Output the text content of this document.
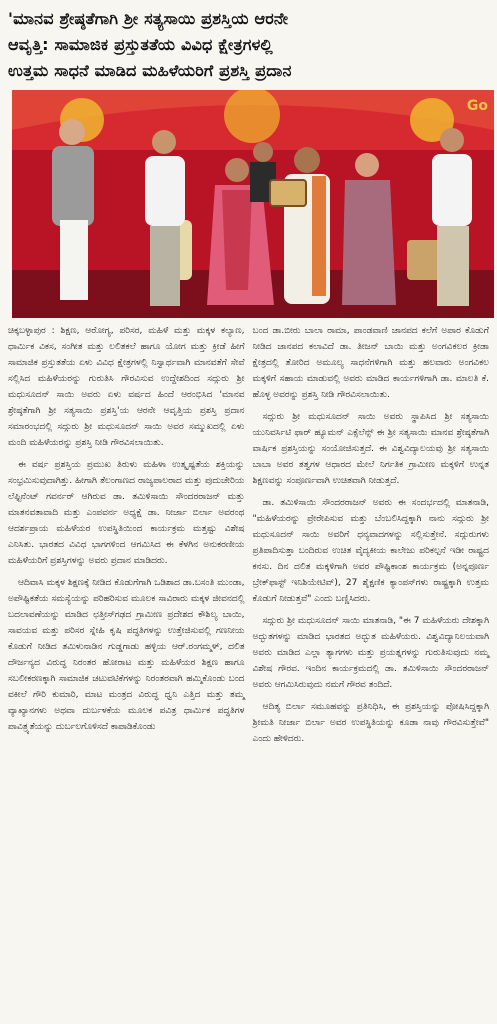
'ಮಾನವ ಶ್ರೇಷ್ಠತೆಗಾಗಿ ಶ್ರೀ ಸತ್ಯಸಾಯಿ ಪ್ರಶಸ್ತಿಯ ಆರನೇ
ಆವೃತ್ತಿ: ಸಾಮಾಜಿಕ ಪ್ರಸ್ತುತತೆಯ ವಿವಿಧ ಕ್ಷೇತ್ರಗಳಲ್ಲಿ
ಉತ್ತಮ ಸಾಧನೆ ಮಾಡಿದ ಮಹಿಳೆಯರಿಗೆ ಪ್ರಶಸ್ತಿ ಪ್ರದಾನ
Go

ಚಿಕ್ಕಬಳ್ಳಾಪುರ : ಶಿಕ್ಷಣ, ಆರೋಗ್ಯ, ಪರಿಸರ, ಮಹಿಳೆ ಮತ್ತು ಮಕ್ಕಳ ಕಲ್ಯಾಣ, ಧಾರ್ಮಿಕ ವಿಕಸ, ಸಂಗೀತ ಮತ್ತು ಲಲಿತಕಲೆ ಹಾಗೂ ಯೋಗ ಮತ್ತು ಕ್ರೀಡೆ ಹೀಗೆ ಸಾಮಾಜಿಕ ಪ್ರಸ್ತುತತೆಯ ಏಳು ವಿವಿಧ ಕ್ಷೇತ್ರಗಳಲ್ಲಿ ನಿಸ್ವಾರ್ಥವಾಗಿ ಮಾನವತೆಗೆ ಸೇವೆ ಸಲ್ಲಿಸಿದ ಮಹಿಳೆಯರನ್ನು ಗುರುತಿಸಿ ಗೌರವಿಸುವ ಉದ್ದೇಶದಿಂದ ಸದ್ಗುರು ಶ್ರೀ ಮಧುಸೂದನ್ ಸಾಯಿ ಅವರು ಏಳು ವರ್ಷದ ಹಿಂದೆ ಆರಂಭಿಸಿದ 'ಮಾನವ ಶ್ರೇಷ್ಠತೆಗಾಗಿ ಶ್ರೀ ಸತ್ಯಸಾಯಿ ಪ್ರಶಸ್ತಿ'ಯ ಆರನೇ ಆವೃತ್ತಿಯ ಪ್ರಶಸ್ತಿ ಪ್ರದಾನ ಸಮಾರಂಭದಲ್ಲಿ ಸದ್ಗುರು ಶ್ರೀ ಮಧುಸೂದನ್ ಸಾಯಿ ಅವರ ಸಮ್ಮುಖದಲ್ಲಿ ಏಳು ಮಂದಿ ಮಹಿಳೆಯರನ್ನು ಪ್ರಶಸ್ತಿ ನೀಡಿ ಗೌರವಿಸಲಾಯಿತು.

ಈ ವರ್ಷ ಪ್ರಶಸ್ತಿಯ ಪ್ರಮುಖ ತಿರುಳು ಮಹಿಳಾ ಉತ್ಕೃಷ್ಟತೆಯ ಶಕ್ತಿಯನ್ನು ಸಂಭ್ರಮಿಸುವುದಾಗಿತ್ತು. ಹೀಗಾಗಿ ತೆಲಂಗಾಣದ ರಾಜ್ಯಪಾಲರಾದ ಮತ್ತು ಪುದುಚೇರಿಯ ಲೆಫ್ಟಿನೆಂಟ್ ಗವರ್ನರ್ ಆಗಿರುವ ಡಾ. ತಮಿಳಿಸಾಯಿ ಸೌಂದರರಾಜನ್ ಮತ್ತು ಮಾತನವತಾವಾದಿ ಮತ್ತು ಎಂಪವರ್ನ ಅಧ್ಯಕ್ಷೆ ಡಾ. ನೀರ್ಜಾ ಬಿರ್ಲಾ ಅವರಂಥ ಆದರ್ಶಪ್ರಾಯ ಮಹಿಳೆಯರ ಉಪಸ್ಥಿತಿಯಿಂದ ಕಾರ್ಯಕ್ರಮ ಮತ್ತಷ್ಟು ವಿಶೇಷ ಎನಿಸಿತು. ಭಾರತದ ವಿವಿಧ ಭಾಗಗಳಿಂದ ಆಗಮಿಸಿದ ಈ ಕೆಳಗಿನ ಅನುಕರಣೀಯ ಮಹಿಳೆಯರಿಗೆ ಪ್ರಶಸ್ತಿಗಳನ್ನು ಅವರು ಪ್ರದಾನ ಮಾಡಿದರು.

ಆದಿವಾಸಿ ಮಕ್ಕಳ ಶಿಕ್ಷಣಕ್ಕೆ ನೀಡಿದ ಕೊಡುಗೆಗಾಗಿ ಒಡಿಶಾದ ಡಾ.ಬಸಂತಿ ಮುಂಡಾ, ಅಪೌಷ್ಟಿಕತೆಯ ಸಮಸ್ಯೆಯನ್ನು ಪರಿಹರಿಸುವ ಮೂಲಕ ಸಾವಿರಾರು ಮಕ್ಕಳ ಜೀವನದಲ್ಲಿ ಬದಲಾವಣೆಯನ್ನು ಮಾಡಿದ ಛತ್ತೀಸ್‌ಗಢದ ಗ್ರಾಮೀಣ ಪ್ರದೇಶದ ಕೌಶಿಲ್ಯ ಬಾಯಿ, ಸಾವಯವ ಮತ್ತು ಪರಿಸರ ಸ್ನೇಹಿ ಕೃಷಿ ಪದ್ಧತಿಗಳನ್ನು ಉತ್ತೇಜಿಸುವಲ್ಲಿ ಗಣನೀಯ ಕೊಡುಗೆ ನೀಡಿದ ತಮಿಳುನಾಡಿನ ಗುಡ್ಡಗಾಡು ಹಳ್ಳಿಯ ಆರ್.ರಂಗಮ್ಮಳ್, ದಲಿತ ದೌರ್ಜನ್ಯದ ವಿರುದ್ಧ ನಿರಂತರ ಹೋರಾಟ ಮತ್ತು ಮಹಿಳೆಯರ ಶಿಕ್ಷಣ ಹಾಗೂ ಸಬಲೀಕರಣಕ್ಕಾಗಿ ಸಾಮಾಜಿಕ ಚಟುವಟಿಕೆಗಳನ್ನು ನಿರಂತರವಾಗಿ ಹಮ್ಮಿಕೊಂಡು ಬಂದ ವಕೀಲೆ ಗೌರಿ ಕುಮಾರಿ, ಮಾಟ ಮಂತ್ರದ ವಿರುದ್ಧ ಧ್ವನಿ ಎತ್ತಿದ ಮತ್ತು ತಮ್ಮ ವ್ಯಾಖ್ಯಾನಗಳು ಅಥವಾ ದುರ್ಬಳಕೆಯ ಮೂಲಕ ಪವಿತ್ರ ಧಾರ್ಮಿಕ ಪದ್ಧತಿಗಳ ಪಾವಿತ್ರ್ಯತೆಯನ್ನು ದುರ್ಬಲಗೊಳಿಸದೆ ಕಾಪಾಡಿಕೊಂಡು

ಬಂದ ಡಾ.ಬೀರು ಬಾಲಾ ರಾಮಾ, ಪಾಂಡವಾಣಿ ಜಾನಪದ ಕಲೆಗೆ ಅಪಾರ ಕೊಡುಗೆ ನೀಡಿದ ಜಾನಪದ ಕಲಾವಿದೆ ಡಾ. ತೀಜನ್ ಬಾಯಿ ಮತ್ತು ಅಂಗವಿಕಲರ ಕ್ರೀಡಾ ಕ್ಷೇತ್ರದಲ್ಲಿ ತೋರಿದ ಅಮೂಲ್ಯ ಸಾಧನೆಗಳಿಗಾಗಿ ಮತ್ತು ಹಲವಾರು ಅಂಗವಿಕಲ ಮಕ್ಕಳಿಗೆ ಸಹಾಯ ಮಾಡುವಲ್ಲಿ ಅವರು ಮಾಡಿದ ಕಾರ್ಯಗಳಿಗಾಗಿ ಡಾ. ಮಾಲತಿ ಕೆ. ಹೊಳ್ಳ ಅವರನ್ನು ಪ್ರಶಸ್ತಿ ನೀಡಿ ಗೌರವಿಸಲಾಯಿತು.

ಸದ್ಗುರು ಶ್ರೀ ಮಧುಸೂದನ್ ಸಾಯಿ ಅವರು ಸ್ಥಾಪಿಸಿದ ಶ್ರೀ ಸತ್ಯಸಾಯಿ ಯುನಿವರ್ಸಿಟಿ ಫಾರ್ ಹ್ಯೂಮನ್ ಎಕ್ಸೆಲೆನ್ಸ್ ಈ ಶ್ರೀ ಸತ್ಯಸಾಯಿ ಮಾನವ ಶ್ರೇಷ್ಠತೆಗಾಗಿ ವಾರ್ಷಿಕ ಪ್ರಶಸ್ತಿಯನ್ನು ಸಂಯೋಜಿಸುತ್ತದೆ. ಈ ವಿಶ್ವವಿದ್ಯಾಲಯವು ಶ್ರೀ ಸತ್ಯಸಾಯಿ ಬಾಬಾ ಅವರ ತತ್ವಗಳ ಆಧಾರದ ಮೇಲೆ ನಿರ್ಗತಿಕ ಗ್ರಾಮೀಣ ಮಕ್ಕಳಿಗೆ ಉನ್ನತ ಶಿಕ್ಷಣವನ್ನು ಸಂಪೂರ್ಣವಾಗಿ ಉಚಿತವಾಗಿ ನೀಡುತ್ತದೆ.

ಡಾ. ತಮಿಳಿಸಾಯಿ ಸೌಂದರರಾಜನ್ ಅವರು ಈ ಸಂದರ್ಭದಲ್ಲಿ ಮಾತನಾಡಿ, "ಮಹಿಳೆಯರನ್ನು ಪ್ರೇರೇಪಿಸುವ ಮತ್ತು ಬೆಂಬಲಿಸಿದ್ದಕ್ಕಾಗಿ ನಾನು ಸದ್ಗುರು ಶ್ರೀ ಮಧುಸೂದನ್ ಸಾಯಿ ಅವರಿಗೆ ಧನ್ಯವಾದಗಳನ್ನು ಸಲ್ಲಿಸುತ್ತೇನೆ. ಸದ್ಗುರುಗಳು ಪ್ರತಿಪಾದಿಸುತ್ತಾ ಬಂದಿರುವ ಉಚಿತ ವೈದ್ಯಕೀಯ ಕಾಲೇಜು ಪರಿಕಲ್ಪನೆ ಇಡೀ ರಾಷ್ಟ್ರದ ಕನಸು. ದಿನ ದಲಿತ ಮಕ್ಕಳಿಗಾಗಿ ಅವರ ಪೌಷ್ಟಿಕಾಂಶ ಕಾರ್ಯಕ್ರಮ (ಅನ್ನಪೂರ್ಣ ಬ್ರೇಕ್‌ಫಾಸ್ಟ್ ಇನಿಶಿಯೇಟಿವ್), 27 ಶೈಕ್ಷಣಿಕ ಕ್ಯಾಂಪಸ್‌ಗಳು ರಾಷ್ಟ್ರಕ್ಕಾಗಿ ಉತ್ತಮ ಕೊಡುಗೆ ನೀಡುತ್ತವೆ" ಎಂದು ಬಣ್ಣಿಸಿದರು.

ಸದ್ಗುರು ಶ್ರೀ ಮಧುಸೂದನ್ ಸಾಯಿ ಮಾತನಾಡಿ, "ಈ 7 ಮಹಿಳೆಯರು ದೇಶಕ್ಕಾಗಿ ಅದ್ಭುತಗಳನ್ನು ಮಾಡಿದ ಭಾರತದ ಅದ್ಭುತ ಮಹಿಳೆಯರು. ವಿಶ್ವವಿದ್ಯಾನಿಲಯವಾಗಿ ಅವರು ಮಾಡಿದ ಎಲ್ಲಾ ತ್ಯಾಗಗಳು ಮತ್ತು ಪ್ರಯತ್ನಗಳನ್ನು ಗುರುತಿಸುವುದು ನಮ್ಮ ವಿಶೇಷ ಗೌರವ. ಇಂದಿನ ಕಾರ್ಯಕ್ರಮದಲ್ಲಿ ಡಾ. ತಮಿಳಿಸಾಯಿ ಸೌಂದರರಾಜನ್ ಅವರು ಆಗಮಿಸಿರುವುದು ನಮಗೆ ಗೌರವ ತಂದಿದೆ.

ಆದಿತ್ಯ ಬಿರ್ಲಾ ಸಮೂಹವನ್ನು ಪ್ರತಿನಿಧಿಸಿ, ಈ ಪ್ರಶಸ್ತಿಯನ್ನು ಪೋಷಿಸಿದ್ದಕ್ಕಾಗಿ ಶ್ರೀಮತಿ ನೀರ್ಜಾ ಬಿರ್ಲಾ ಅವರ ಉಪಸ್ಥಿತಿಯನ್ನು ಕೂಡಾ ನಾವು ಗೌರವಿಸುತ್ತೇವೆ" ಎಂದು ಹೇಳಿದರು.
